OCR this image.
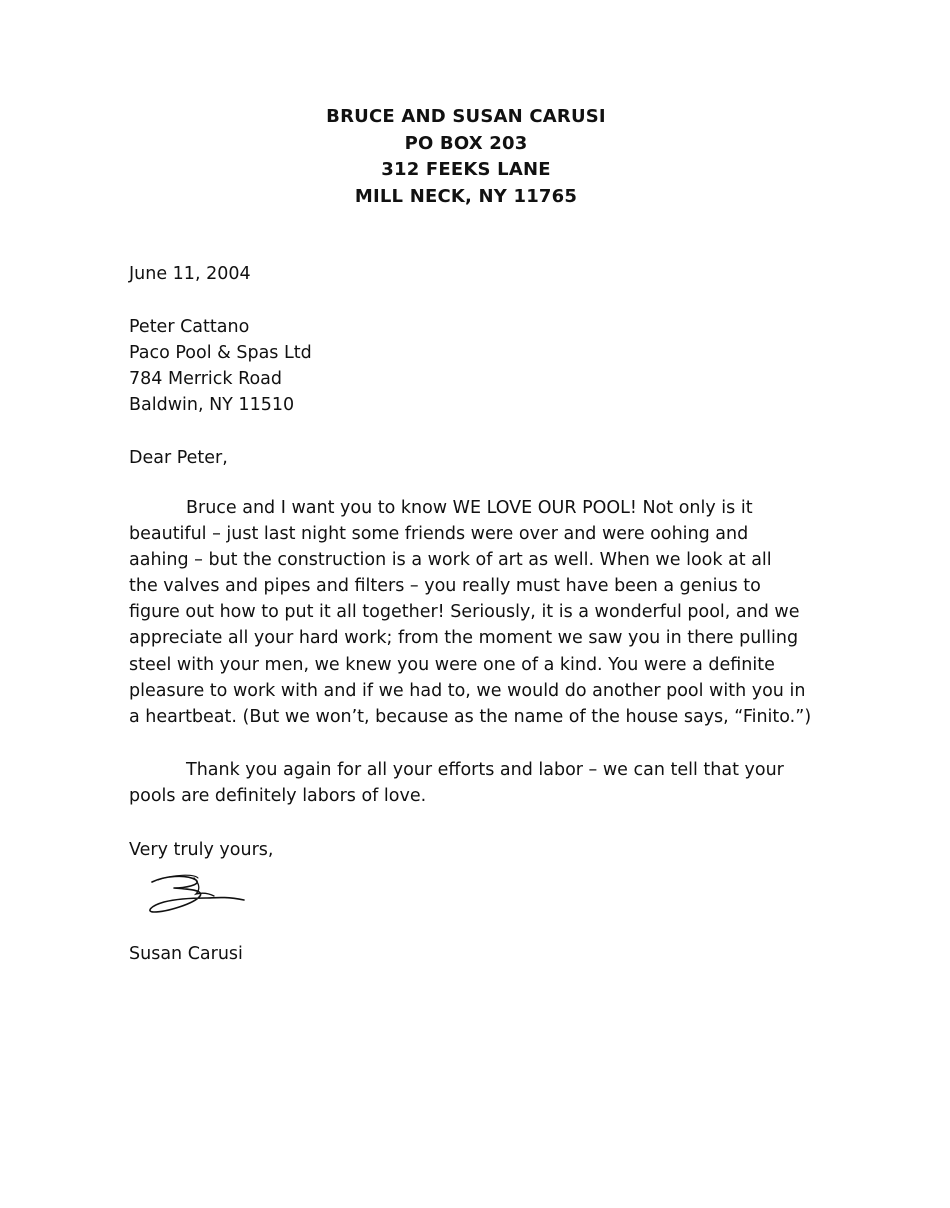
BRUCE AND SUSAN CARUSI
PO BOX 203
312 FEEKS LANE
MILL NECK, NY 11765
June 11, 2004
Peter Cattano
Paco Pool & Spas Ltd
784 Merrick Road
Baldwin, NY 11510
Dear Peter,
Bruce and I want you to know WE LOVE OUR POOL! Not only is it
beautiful – just last night some friends were over and were oohing and
aahing – but the construction is a work of art as well. When we look at all
the valves and pipes and filters – you really must have been a genius to
figure out how to put it all together! Seriously, it is a wonderful pool, and we
appreciate all your hard work; from the moment we saw you in there pulling
steel with your men, we knew you were one of a kind. You were a definite
pleasure to work with and if we had to, we would do another pool with you in
a heartbeat. (But we won’t, because as the name of the house says, “Finito.”)
Thank you again for all your efforts and labor – we can tell that your
pools are definitely labors of love.
Very truly yours,
Susan Carusi
